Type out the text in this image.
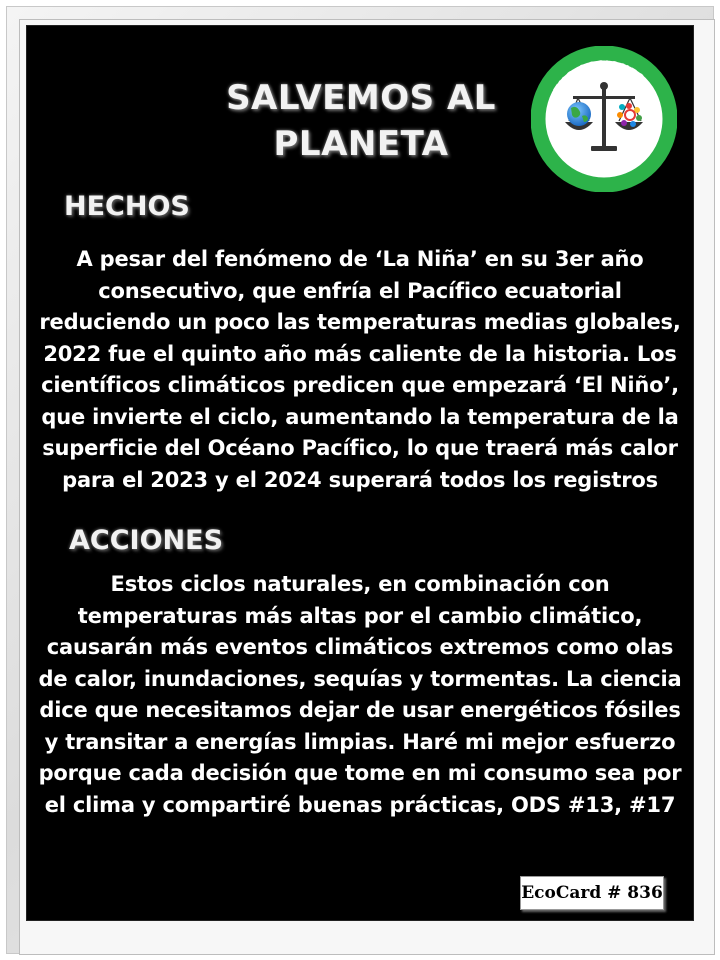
SALVEMOS AL PLANETA
TUS ACCIONES...
...SALVAN AL PLANETA
HECHOS
A pesar del fenómeno de ‘La Niña’ en su 3er año consecutivo, que enfría el Pacífico ecuatorial reduciendo un poco las temperaturas medias globales, 2022 fue el quinto año más caliente de la historia. Los científicos climáticos predicen que empezará ‘El Niño’, que invierte el ciclo, aumentando la temperatura de la superficie del Océano Pacífico, lo que traerá más calor para el 2023 y el 2024 superará todos los registros
ACCIONES
Estos ciclos naturales, en combinación con temperaturas más altas por el cambio climático, causarán más eventos climáticos extremos como olas de calor, inundaciones, sequías y tormentas. La ciencia dice que necesitamos dejar de usar energéticos fósiles y transitar a energías limpias. Haré mi mejor esfuerzo porque cada decisión que tome en mi consumo sea por el clima y compartiré buenas prácticas, ODS #13, #17
EcoCard # 836
